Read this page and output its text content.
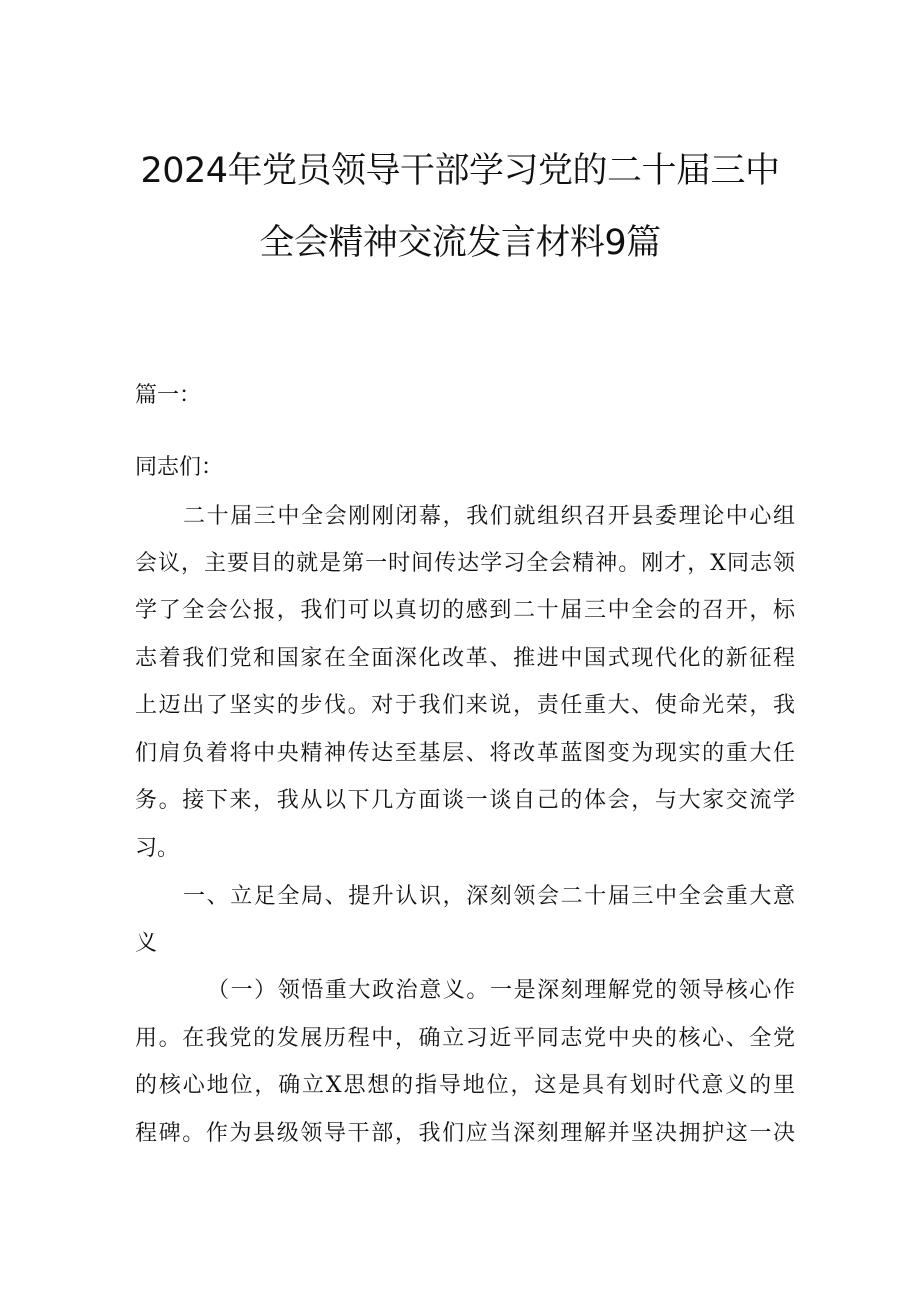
2024年党员领导干部学习党的二十届三中
全会精神交流发言材料9篇
篇一：
同志们：
二十届三中全会刚刚闭幕，我们就组织召开县委理论中心组
会议，主要目的就是第一时间传达学习全会精神。刚才，X同志领
学了全会公报，我们可以真切的感到二十届三中全会的召开，标
志着我们党和国家在全面深化改革、推进中国式现代化的新征程
上迈出了坚实的步伐。对于我们来说，责任重大、使命光荣，我
们肩负着将中央精神传达至基层、将改革蓝图变为现实的重大任
务。接下来，我从以下几方面谈一谈自己的体会，与大家交流学
习。
一、立足全局、提升认识，深刻领会二十届三中全会重大意
义
（一）领悟重大政治意义。一是深刻理解党的领导核心作
用。在我党的发展历程中，确立习近平同志党中央的核心、全党
的核心地位，确立X思想的指导地位，这是具有划时代意义的里
程碑。作为县级领导干部，我们应当深刻理解并坚决拥护这一决
